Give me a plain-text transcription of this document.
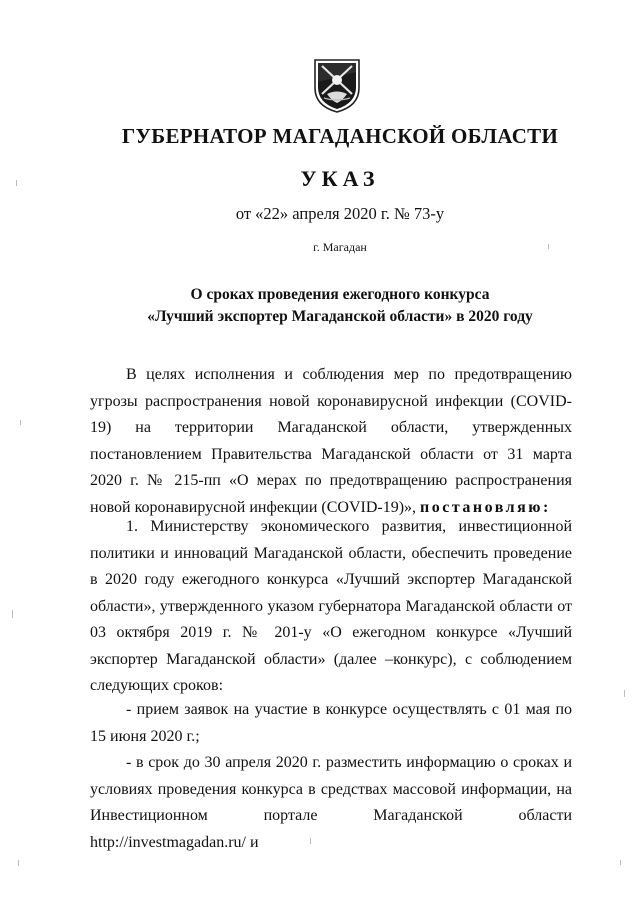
ГУБЕРНАТОР МАГАДАНСКОЙ ОБЛАСТИ
УКАЗ
от «22» апреля 2020 г. № 73-у
г. Магадан
О сроках проведения ежегодного конкурса
«Лучший экспортер Магаданской области» в 2020 году

В целях исполнения и соблюдения мер по предотвращению угрозы распространения новой коронавирусной инфекции (COVID-19) на территории Магаданской области, утвержденных постановлением Правительства Магаданской области от 31 марта 2020 г. № 215-пп «О мерах по предотвращению распространения новой коронавирусной инфекции (COVID-19)», постановляю:

1. Министерству экономического развития, инвестиционной политики и инноваций Магаданской области, обеспечить проведение в 2020 году ежегодного конкурса «Лучший экспортер Магаданской области», утвержденного указом губернатора Магаданской области от 03 октября 2019 г. № 201-у «О ежегодном конкурсе «Лучший экспортер Магаданской области» (далее –конкурс), с соблюдением следующих сроков:

- прием заявок на участие в конкурсе осуществлять с 01 мая по 15 июня 2020 г.;

- в срок до 30 апреля 2020 г. разместить информацию о сроках и условиях проведения конкурса в средствах массовой информации, на Инвестиционном портале Магаданской области http://investmagadan.ru/ и
